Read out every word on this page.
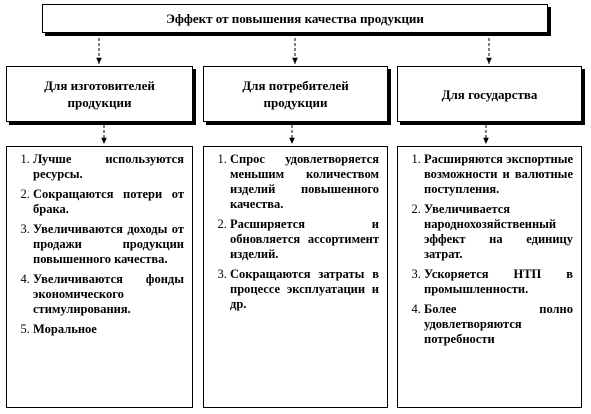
Эффект от повышения качества продукции
Для изготовителей продукции
Для потребителей продукции
Для государства
1. Лучше используются ресурсы.
2. Сокращаются потери от брака.
3. Увеличиваются доходы от продажи продукции повышенного качества.
4. Увеличиваются фонды экономического стимулирования.
5. Моральное
1. Спрос удовлетворяется меньшим количеством изделий повышенного качества.
2. Расширяется и обновляется ассортимент изделий.
3. Сокращаются затраты в процессе эксплуатации и др.
1. Расширяются экспортные возможности и валютные поступления.
2. Увеличивается народнохозяйственный эффект на единицу затрат.
3. Ускоряется НТП в промышленности.
4. Более полно удовлетворяются потребности
